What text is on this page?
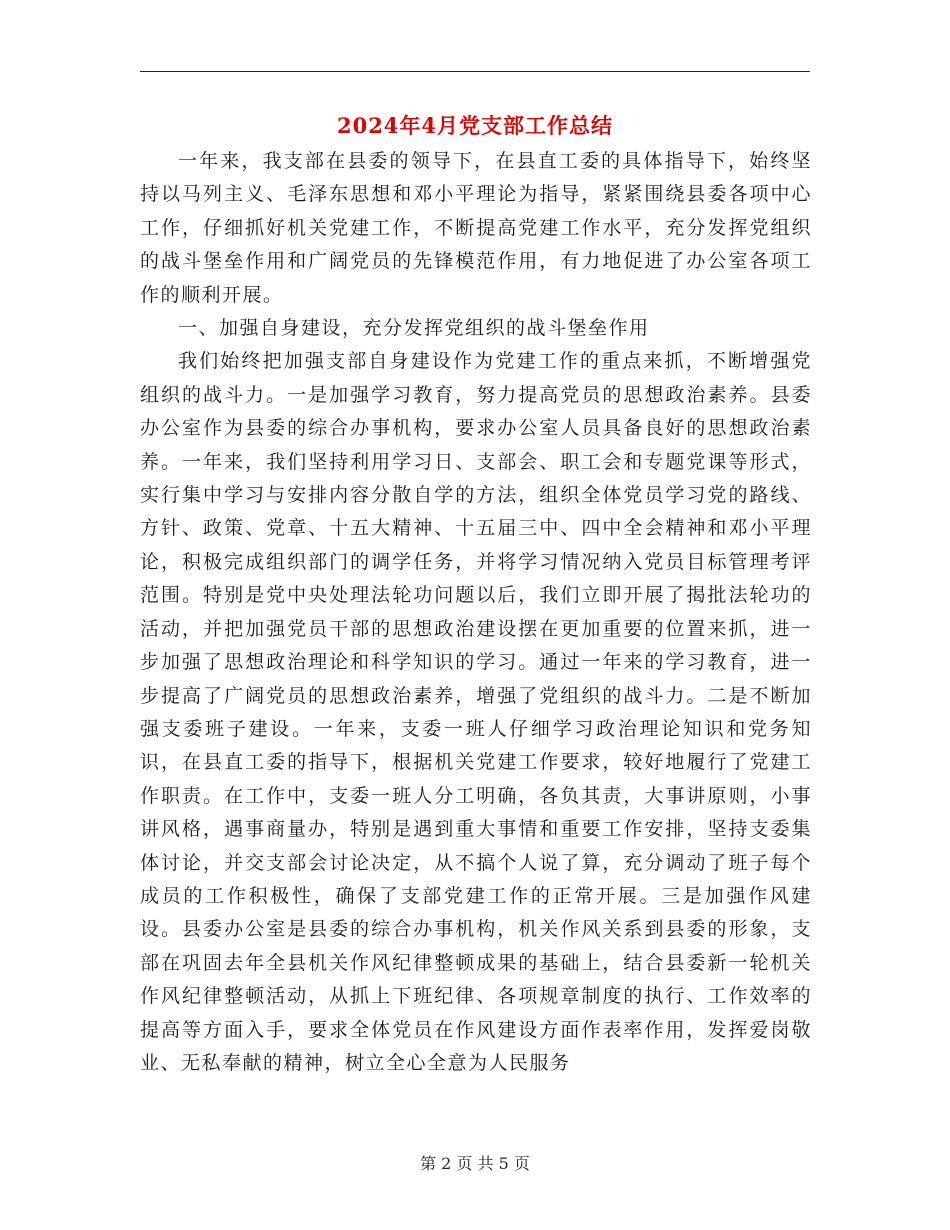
2024年4月党支部工作总结

一年来，我支部在县委的领导下，在县直工委的具体指导下，始终坚持以马列主义、毛泽东思想和邓小平理论为指导，紧紧围绕县委各项中心工作，仔细抓好机关党建工作，不断提高党建工作水平，充分发挥党组织的战斗堡垒作用和广阔党员的先锋模范作用，有力地促进了办公室各项工作的顺利开展。

一、加强自身建设，充分发挥党组织的战斗堡垒作用

我们始终把加强支部自身建设作为党建工作的重点来抓，不断增强党组织的战斗力。一是加强学习教育，努力提高党员的思想政治素养。县委办公室作为县委的综合办事机构，要求办公室人员具备良好的思想政治素养。一年来，我们坚持利用学习日、支部会、职工会和专题党课等形式，实行集中学习与安排内容分散自学的方法，组织全体党员学习党的路线、方针、政策、党章、十五大精神、十五届三中、四中全会精神和邓小平理论，积极完成组织部门的调学任务，并将学习情况纳入党员目标管理考评范围。特别是党中央处理法轮功问题以后，我们立即开展了揭批法轮功的活动，并把加强党员干部的思想政治建设摆在更加重要的位置来抓，进一步加强了思想政治理论和科学知识的学习。通过一年来的学习教育，进一步提高了广阔党员的思想政治素养，增强了党组织的战斗力。二是不断加强支委班子建设。一年来，支委一班人仔细学习政治理论知识和党务知识，在县直工委的指导下，根据机关党建工作要求，较好地履行了党建工作职责。在工作中，支委一班人分工明确，各负其责，大事讲原则，小事讲风格，遇事商量办，特别是遇到重大事情和重要工作安排，坚持支委集体讨论，并交支部会讨论决定，从不搞个人说了算，充分调动了班子每个成员的工作积极性，确保了支部党建工作的正常开展。三是加强作风建设。县委办公室是县委的综合办事机构，机关作风关系到县委的形象，支部在巩固去年全县机关作风纪律整顿成果的基础上，结合县委新一轮机关作风纪律整顿活动，从抓上下班纪律、各项规章制度的执行、工作效率的提高等方面入手，要求全体党员在作风建设方面作表率作用，发挥爱岗敬业、无私奉献的精神，树立全心全意为人民服务

第 2 页 共 5 页
